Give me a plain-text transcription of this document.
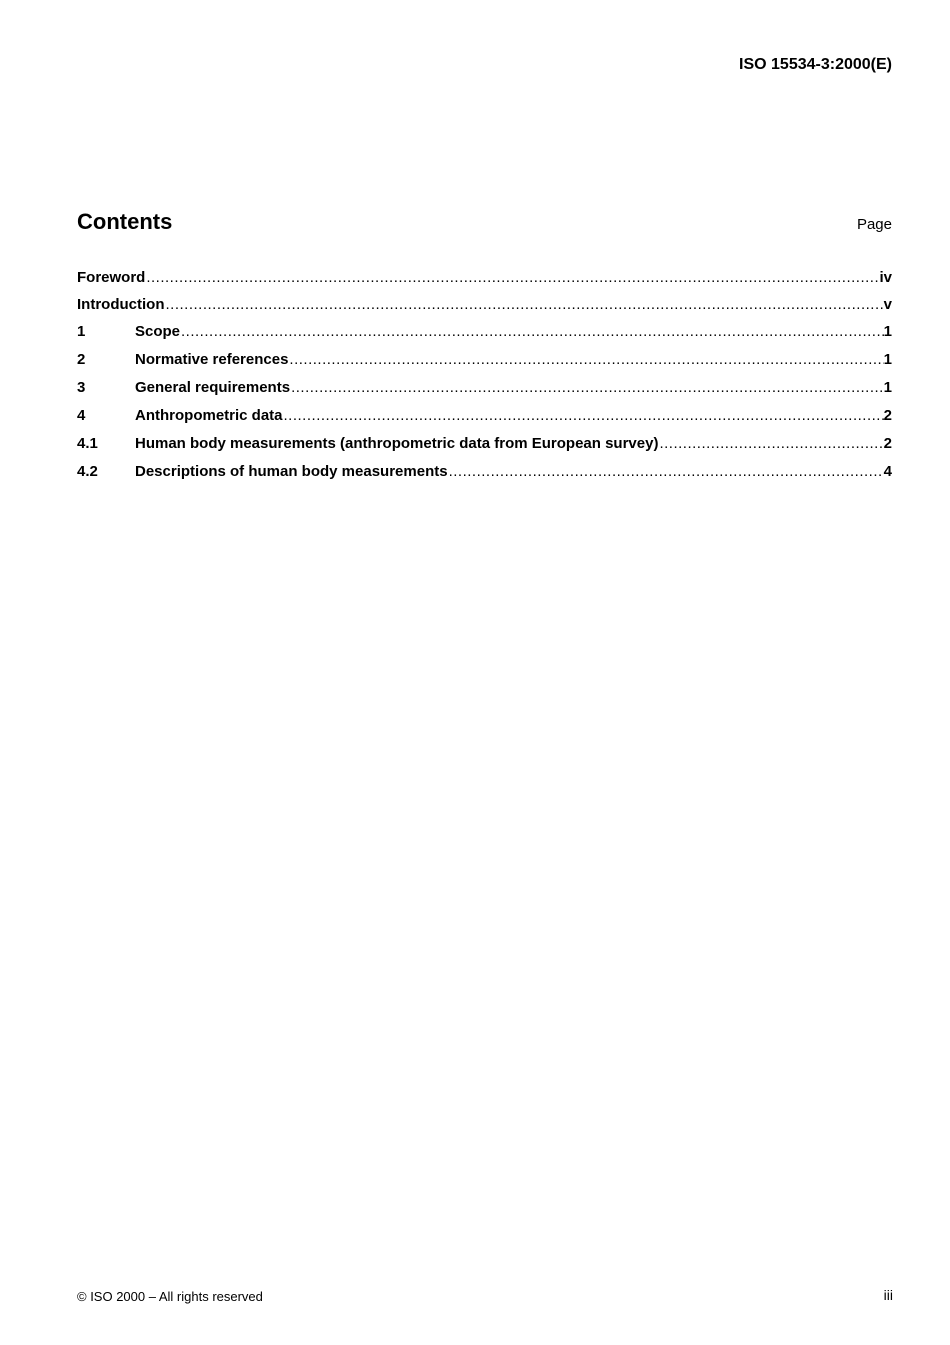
ISO 15534-3:2000(E)
Contents	Page
Foreword .....	iv
Introduction .....	v
1	Scope .....	1
2	Normative references .....	1
3	General requirements .....	1
4	Anthropometric data .....	2
4.1	Human body measurements (anthropometric data from European survey) .....	2
4.2	Descriptions of human body measurements .....	4
© ISO 2000 – All rights reserved	iii
